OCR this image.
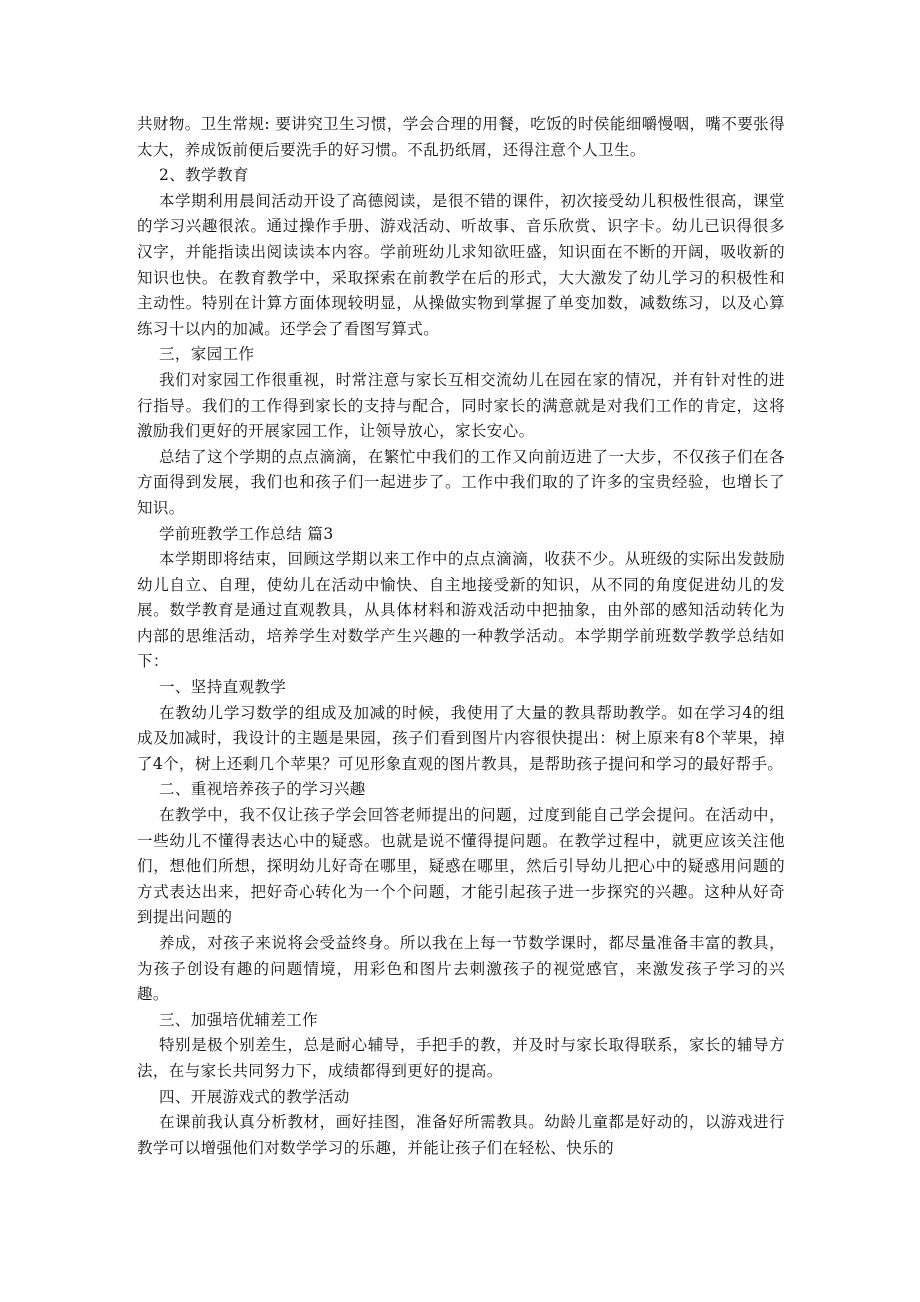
共财物。卫生常规: 要讲究卫生习惯，学会合理的用餐，吃饭的时侯能细嚼慢咽，嘴不要张得太大，养成饭前便后要洗手的好习惯。不乱扔纸屑，还得注意个人卫生。

2、教学教育

本学期利用晨间活动开设了高德阅读，是很不错的课件，初次接受幼儿积极性很高，课堂的学习兴趣很浓。通过操作手册、游戏活动、听故事、音乐欣赏、识字卡。幼儿已识得很多汉字，并能指读出阅读读本内容。学前班幼儿求知欲旺盛，知识面在不断的开阔，吸收新的知识也快。在教育教学中，采取探索在前教学在后的形式，大大激发了幼儿学习的积极性和主动性。特别在计算方面体现较明显，从操做实物到掌握了单变加数，减数练习，以及心算练习十以内的加减。还学会了看图写算式。

三，家园工作

我们对家园工作很重视，时常注意与家长互相交流幼儿在园在家的情况，并有针对性的进行指导。我们的工作得到家长的支持与配合，同时家长的满意就是对我们工作的肯定，这将激励我们更好的开展家园工作，让领导放心，家长安心。

总结了这个学期的点点滴滴，在繁忙中我们的工作又向前迈进了一大步，不仅孩子们在各方面得到发展，我们也和孩子们一起进步了。工作中我们取的了许多的宝贵经验，也增长了知识。

学前班教学工作总结 篇3

本学期即将结束，回顾这学期以来工作中的点点滴滴，收获不少。从班级的实际出发鼓励幼儿自立、自理，使幼儿在活动中愉快、自主地接受新的知识，从不同的角度促进幼儿的发展。数学教育是通过直观教具，从具体材料和游戏活动中把抽象，由外部的感知活动转化为内部的思维活动，培养学生对数学产生兴趣的一种教学活动。本学期学前班数学教学总结如下：

一、坚持直观教学

在教幼儿学习数学的组成及加减的时候，我使用了大量的教具帮助教学。如在学习4的组成及加减时，我设计的主题是果园，孩子们看到图片内容很快提出：树上原来有8个苹果，掉了4个，树上还剩几个苹果？可见形象直观的图片教具，是帮助孩子提问和学习的最好帮手。

二、重视培养孩子的学习兴趣

在教学中，我不仅让孩子学会回答老师提出的问题，过度到能自己学会提问。在活动中，一些幼儿不懂得表达心中的疑惑。也就是说不懂得提问题。在教学过程中，就更应该关注他们，想他们所想，探明幼儿好奇在哪里，疑惑在哪里，然后引导幼儿把心中的疑惑用问题的方式表达出来，把好奇心转化为一个个问题，才能引起孩子进一步探究的兴趣。这种从好奇到提出问题的

养成，对孩子来说将会受益终身。所以我在上每一节数学课时，都尽量准备丰富的教具，为孩子创设有趣的问题情境，用彩色和图片去刺激孩子的视觉感官，来激发孩子学习的兴趣。

三、加强培优辅差工作

特别是极个别差生，总是耐心辅导，手把手的教，并及时与家长取得联系，家长的辅导方法，在与家长共同努力下，成绩都得到更好的提高。

四、开展游戏式的教学活动

在课前我认真分析教材，画好挂图，准备好所需教具。幼龄儿童都是好动的，以游戏进行教学可以增强他们对数学学习的乐趣，并能让孩子们在轻松、快乐的
